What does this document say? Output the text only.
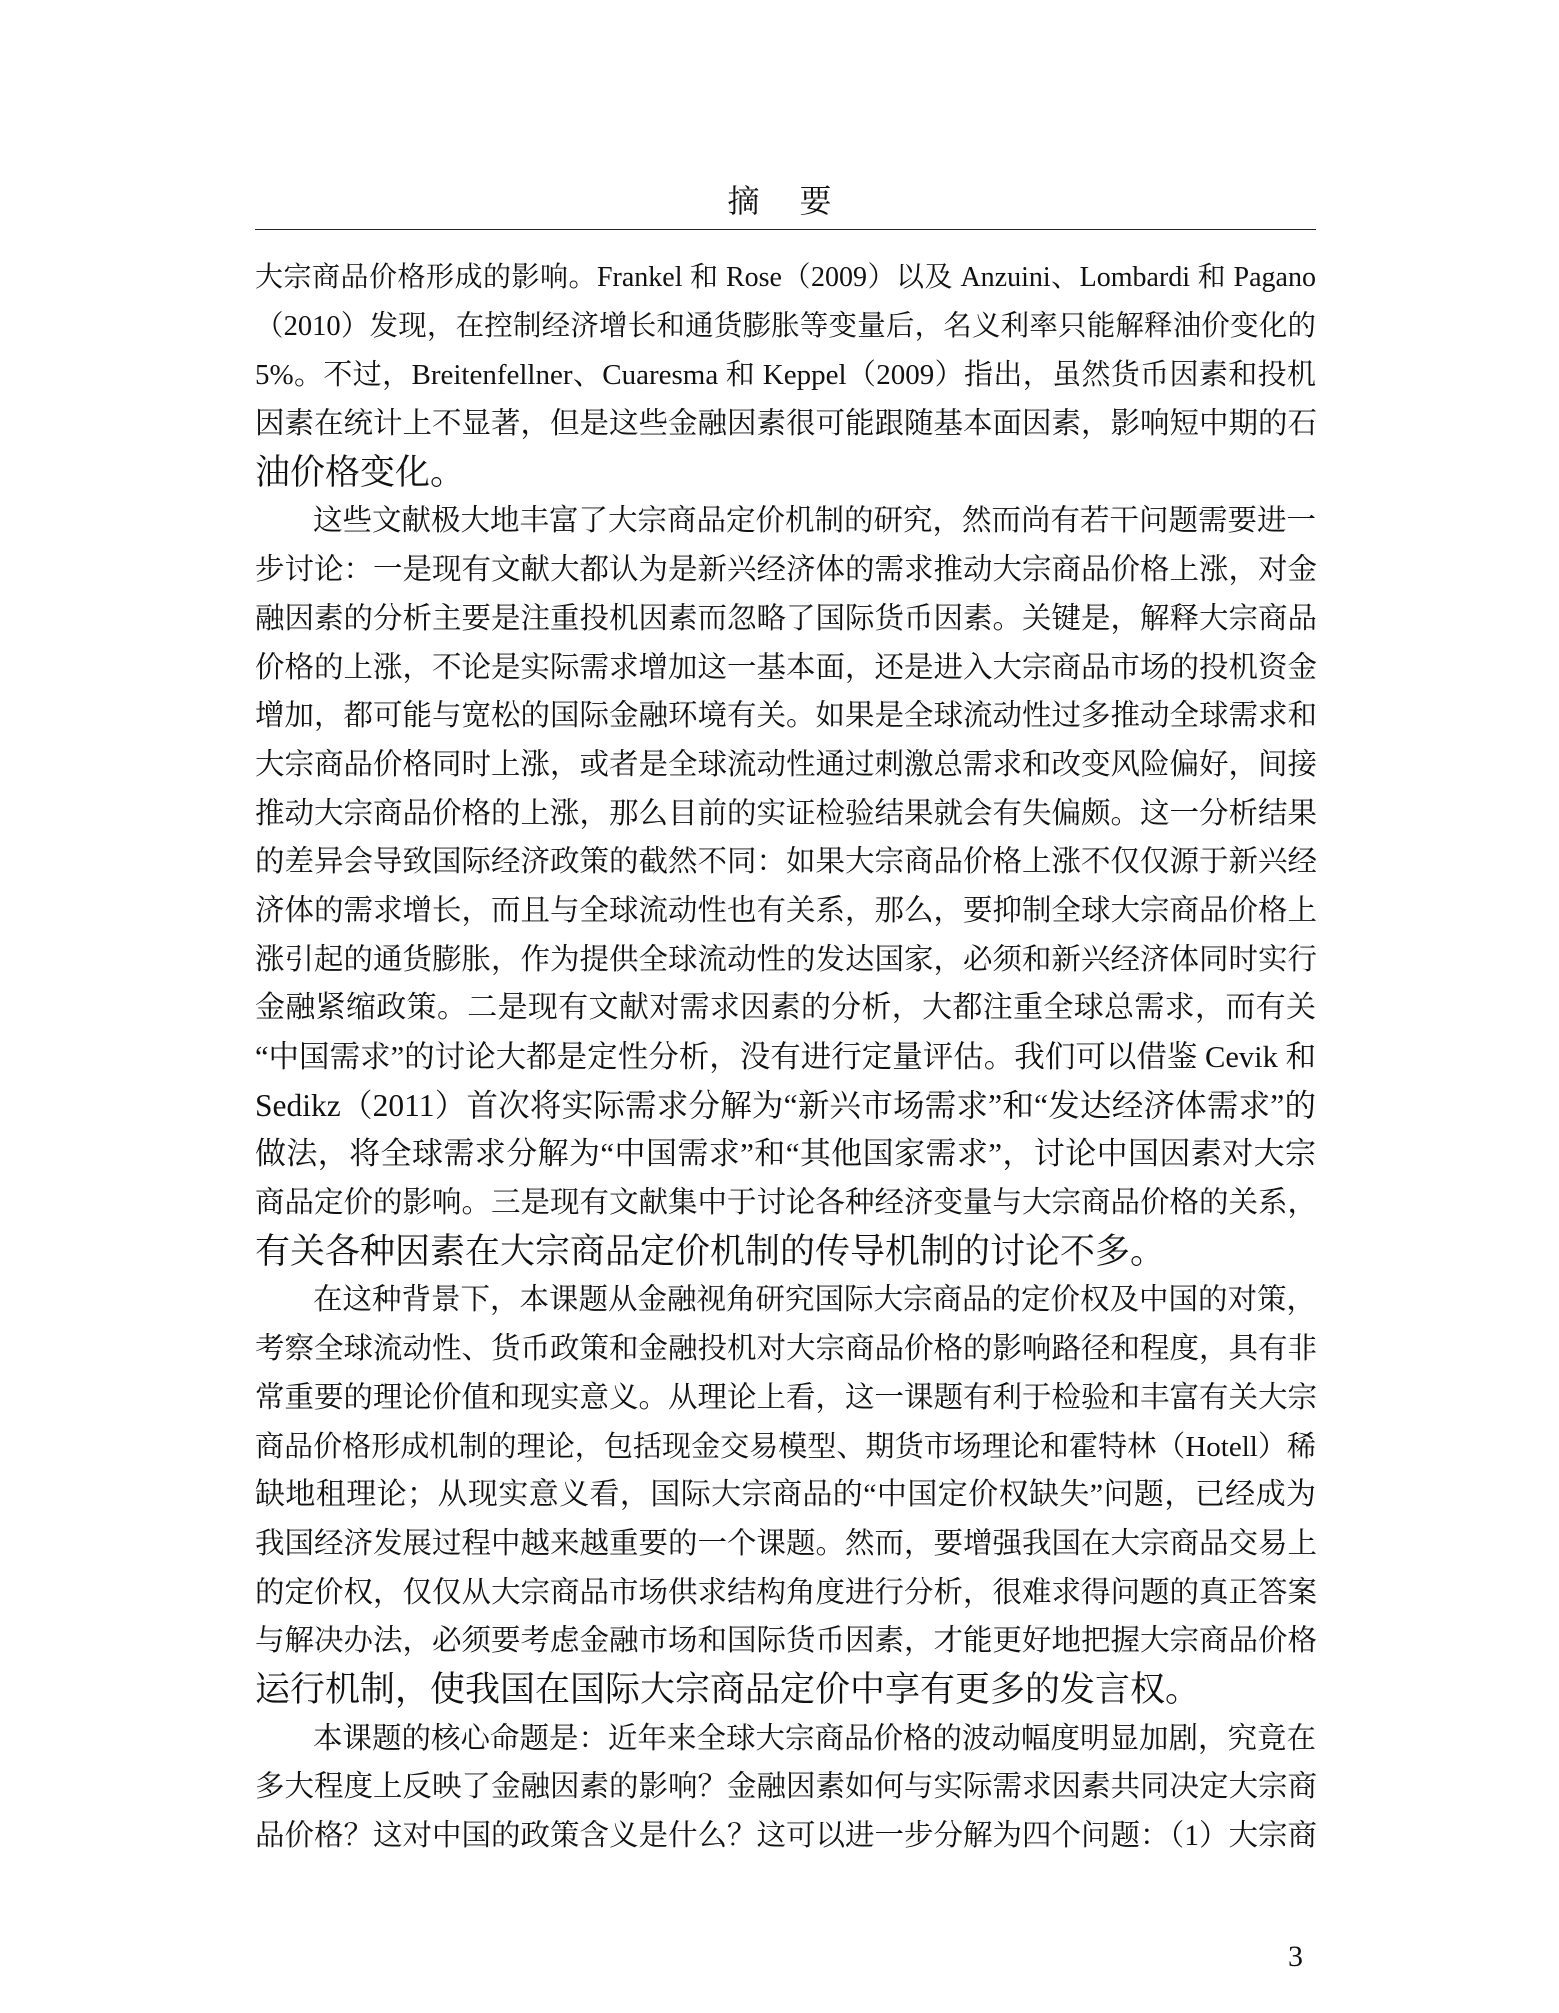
摘要
大宗商品价格形成的影响。Frankel 和 Rose（2009）以及 Anzuini、Lombardi 和 Pagano
（2010）发现，在控制经济增长和通货膨胀等变量后，名义利率只能解释油价变化的
5%。不过，Breitenfellner、Cuaresma 和 Keppel（2009）指出，虽然货币因素和投机
因素在统计上不显著，但是这些金融因素很可能跟随基本面因素，影响短中期的石
油价格变化。
这些文献极大地丰富了大宗商品定价机制的研究，然而尚有若干问题需要进一
步讨论：一是现有文献大都认为是新兴经济体的需求推动大宗商品价格上涨，对金
融因素的分析主要是注重投机因素而忽略了国际货币因素。关键是，解释大宗商品
价格的上涨，不论是实际需求增加这一基本面，还是进入大宗商品市场的投机资金
增加，都可能与宽松的国际金融环境有关。如果是全球流动性过多推动全球需求和
大宗商品价格同时上涨，或者是全球流动性通过刺激总需求和改变风险偏好，间接
推动大宗商品价格的上涨，那么目前的实证检验结果就会有失偏颇。这一分析结果
的差异会导致国际经济政策的截然不同：如果大宗商品价格上涨不仅仅源于新兴经
济体的需求增长，而且与全球流动性也有关系，那么，要抑制全球大宗商品价格上
涨引起的通货膨胀，作为提供全球流动性的发达国家，必须和新兴经济体同时实行
金融紧缩政策。二是现有文献对需求因素的分析，大都注重全球总需求，而有关
“中国需求”的讨论大都是定性分析，没有进行定量评估。我们可以借鉴 Cevik 和
Sedikz（2011）首次将实际需求分解为“新兴市场需求”和“发达经济体需求”的
做法，将全球需求分解为“中国需求”和“其他国家需求”，讨论中国因素对大宗
商品定价的影响。三是现有文献集中于讨论各种经济变量与大宗商品价格的关系，
有关各种因素在大宗商品定价机制的传导机制的讨论不多。
在这种背景下，本课题从金融视角研究国际大宗商品的定价权及中国的对策，
考察全球流动性、货币政策和金融投机对大宗商品价格的影响路径和程度，具有非
常重要的理论价值和现实意义。从理论上看，这一课题有利于检验和丰富有关大宗
商品价格形成机制的理论，包括现金交易模型、期货市场理论和霍特林（Hotell）稀
缺地租理论；从现实意义看，国际大宗商品的“中国定价权缺失”问题，已经成为
我国经济发展过程中越来越重要的一个课题。然而，要增强我国在大宗商品交易上
的定价权，仅仅从大宗商品市场供求结构角度进行分析，很难求得问题的真正答案
与解决办法，必须要考虑金融市场和国际货币因素，才能更好地把握大宗商品价格
运行机制，使我国在国际大宗商品定价中享有更多的发言权。
本课题的核心命题是：近年来全球大宗商品价格的波动幅度明显加剧，究竟在
多大程度上反映了金融因素的影响？金融因素如何与实际需求因素共同决定大宗商
品价格？这对中国的政策含义是什么？这可以进一步分解为四个问题：（1）大宗商
3
